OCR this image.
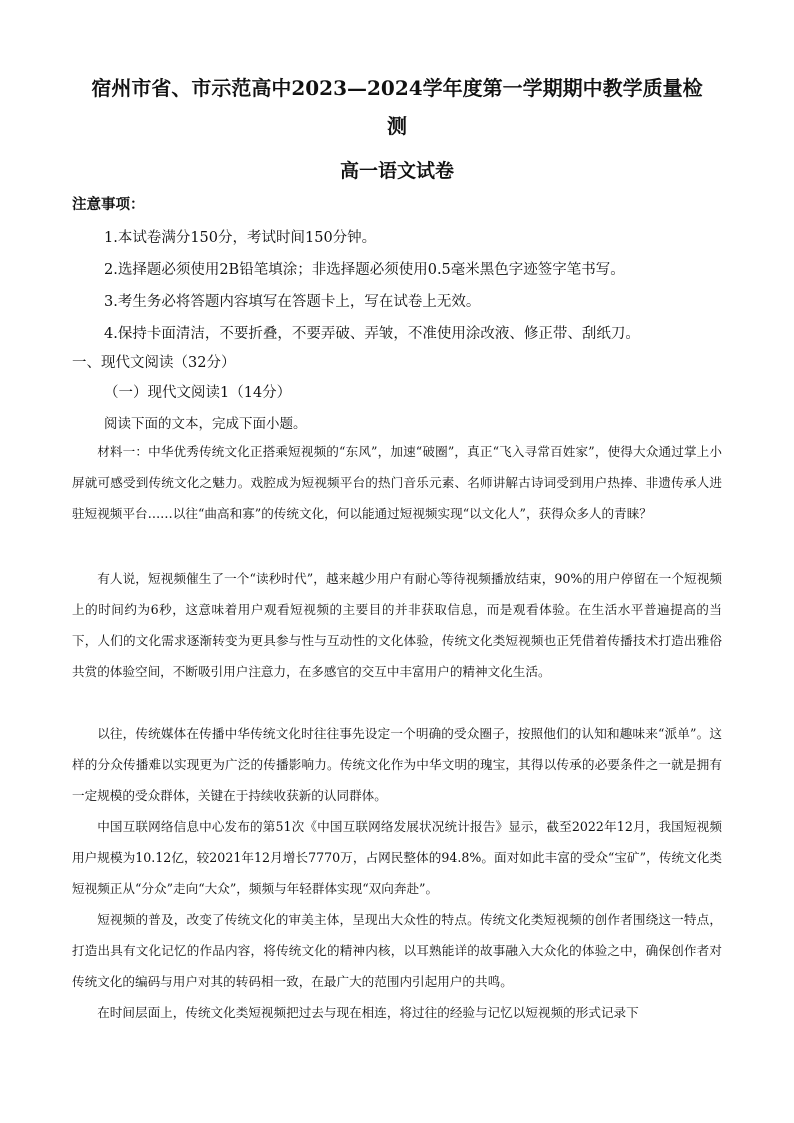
宿州市省、市示范高中2023—2024学年度第一学期期中教学质量检
测
高一语文试卷

注意事项：

1.本试卷满分150分，考试时间150分钟。

2.选择题必须使用2B铅笔填涂；非选择题必须使用0.5毫米黑色字迹签字笔书写。

3.考生务必将答题内容填写在答题卡上，写在试卷上无效。

4.保持卡面清洁，不要折叠，不要弄破、弄皱，不准使用涂改液、修正带、刮纸刀。

一、现代文阅读（32分）

（一）现代文阅读1（14分）

阅读下面的文本，完成下面小题。

材料一：中华优秀传统文化正搭乘短视频的“东风”，加速“破圈”，真正“飞入寻常百姓家”，使得大众通过掌上小屏就可感受到传统文化之魅力。戏腔成为短视频平台的热门音乐元素、名师讲解古诗词受到用户热捧、非遗传承人进驻短视频平台……以往“曲高和寡”的传统文化，何以能通过短视频实现“以文化人”，获得众多人的青睐？

有人说，短视频催生了一个“读秒时代”，越来越少用户有耐心等待视频播放结束，90%的用户停留在一个短视频上的时间约为6秒，这意味着用户观看短视频的主要目的并非获取信息，而是观看体验。在生活水平普遍提高的当下，人们的文化需求逐渐转变为更具参与性与互动性的文化体验，传统文化类短视频也正凭借着传播技术打造出雅俗共赏的体验空间，不断吸引用户注意力，在多感官的交互中丰富用户的精神文化生活。

以往，传统媒体在传播中华传统文化时往往事先设定一个明确的受众圈子，按照他们的认知和趣味来“派单”。这样的分众传播难以实现更为广泛的传播影响力。传统文化作为中华文明的瑰宝，其得以传承的必要条件之一就是拥有一定规模的受众群体，关键在于持续收获新的认同群体。

中国互联网络信息中心发布的第51次《中国互联网络发展状况统计报告》显示，截至2022年12月，我国短视频用户规模为10.12亿，较2021年12月增长7770万，占网民整体的94.8%。面对如此丰富的受众“宝矿”，传统文化类短视频正从“分众”走向“大众”，频频与年轻群体实现“双向奔赴”。

短视频的普及，改变了传统文化的审美主体，呈现出大众性的特点。传统文化类短视频的创作者围绕这一特点，打造出具有文化记忆的作品内容，将传统文化的精神内核，以耳熟能详的故事融入大众化的体验之中，确保创作者对传统文化的编码与用户对其的转码相一致，在最广大的范围内引起用户的共鸣。

在时间层面上，传统文化类短视频把过去与现在相连，将过往的经验与记忆以短视频的形式记录下
